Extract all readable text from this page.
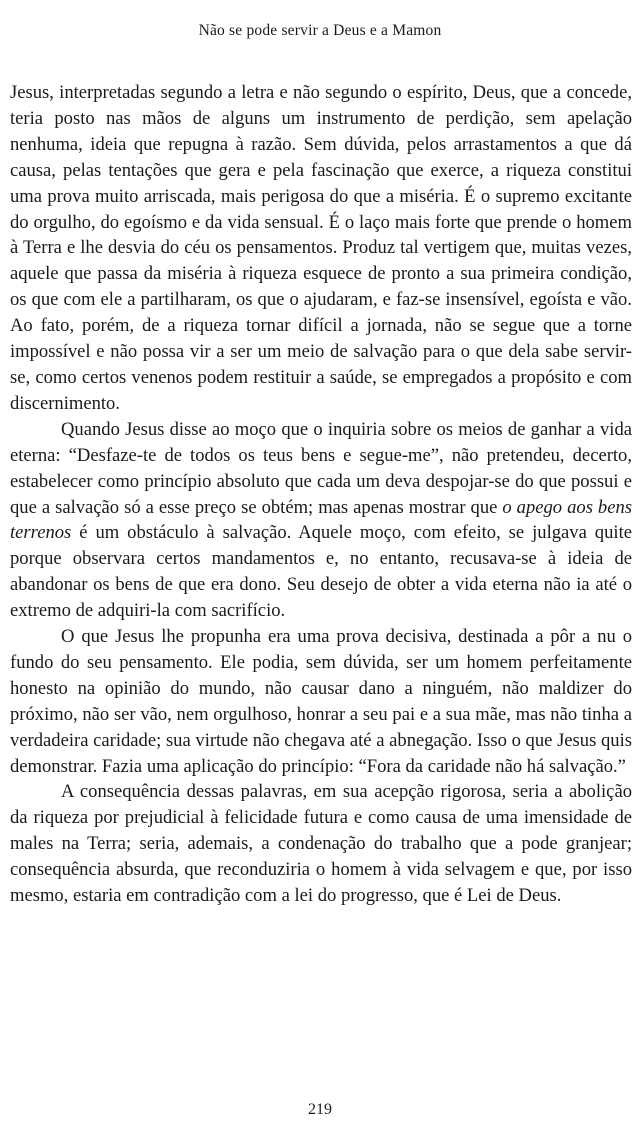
Não se pode servir a Deus e a Mamon

Jesus, interpretadas segundo a letra e não segundo o espírito, Deus, que a concede, teria posto nas mãos de alguns um instrumento de perdição, sem apelação nenhuma, ideia que repugna à razão. Sem dúvida, pelos arrastamentos a que dá causa, pelas tentações que gera e pela fascinação que exerce, a riqueza constitui uma prova muito arriscada, mais perigosa do que a miséria. É o supremo excitante do orgulho, do egoísmo e da vida sensual. É o laço mais forte que prende o homem à Terra e lhe desvia do céu os pensamentos. Produz tal vertigem que, muitas vezes, aquele que passa da miséria à riqueza esquece de pronto a sua primeira condição, os que com ele a partilharam, os que o ajudaram, e faz-se insensível, egoísta e vão. Ao fato, porém, de a riqueza tornar difícil a jornada, não se segue que a torne impossível e não possa vir a ser um meio de salvação para o que dela sabe servir-se, como certos venenos podem restituir a saúde, se empregados a propósito e com discernimento.

Quando Jesus disse ao moço que o inquiria sobre os meios de ganhar a vida eterna: “Desfaze-te de todos os teus bens e segue-me”, não pretendeu, decerto, estabelecer como princípio absoluto que cada um deva despojar-se do que possui e que a salvação só a esse preço se obtém; mas apenas mostrar que o apego aos bens terrenos é um obstáculo à salvação. Aquele moço, com efeito, se julgava quite porque observara certos mandamentos e, no entanto, recusava-se à ideia de abandonar os bens de que era dono. Seu desejo de obter a vida eterna não ia até o extremo de adquiri-la com sacrifício.

O que Jesus lhe propunha era uma prova decisiva, destinada a pôr a nu o fundo do seu pensamento. Ele podia, sem dúvida, ser um homem perfeitamente honesto na opinião do mundo, não causar dano a ninguém, não maldizer do próximo, não ser vão, nem orgulhoso, honrar a seu pai e a sua mãe, mas não tinha a verdadeira caridade; sua virtude não chegava até a abnegação. Isso o que Jesus quis demonstrar. Fazia uma aplicação do princípio: “Fora da caridade não há salvação.”

A consequência dessas palavras, em sua acepção rigorosa, seria a abolição da riqueza por prejudicial à felicidade futura e como causa de uma imensidade de males na Terra; seria, ademais, a condenação do trabalho que a pode granjear; consequência absurda, que reconduziria o homem à vida selvagem e que, por isso mesmo, estaria em contradição com a lei do progresso, que é Lei de Deus.

219
